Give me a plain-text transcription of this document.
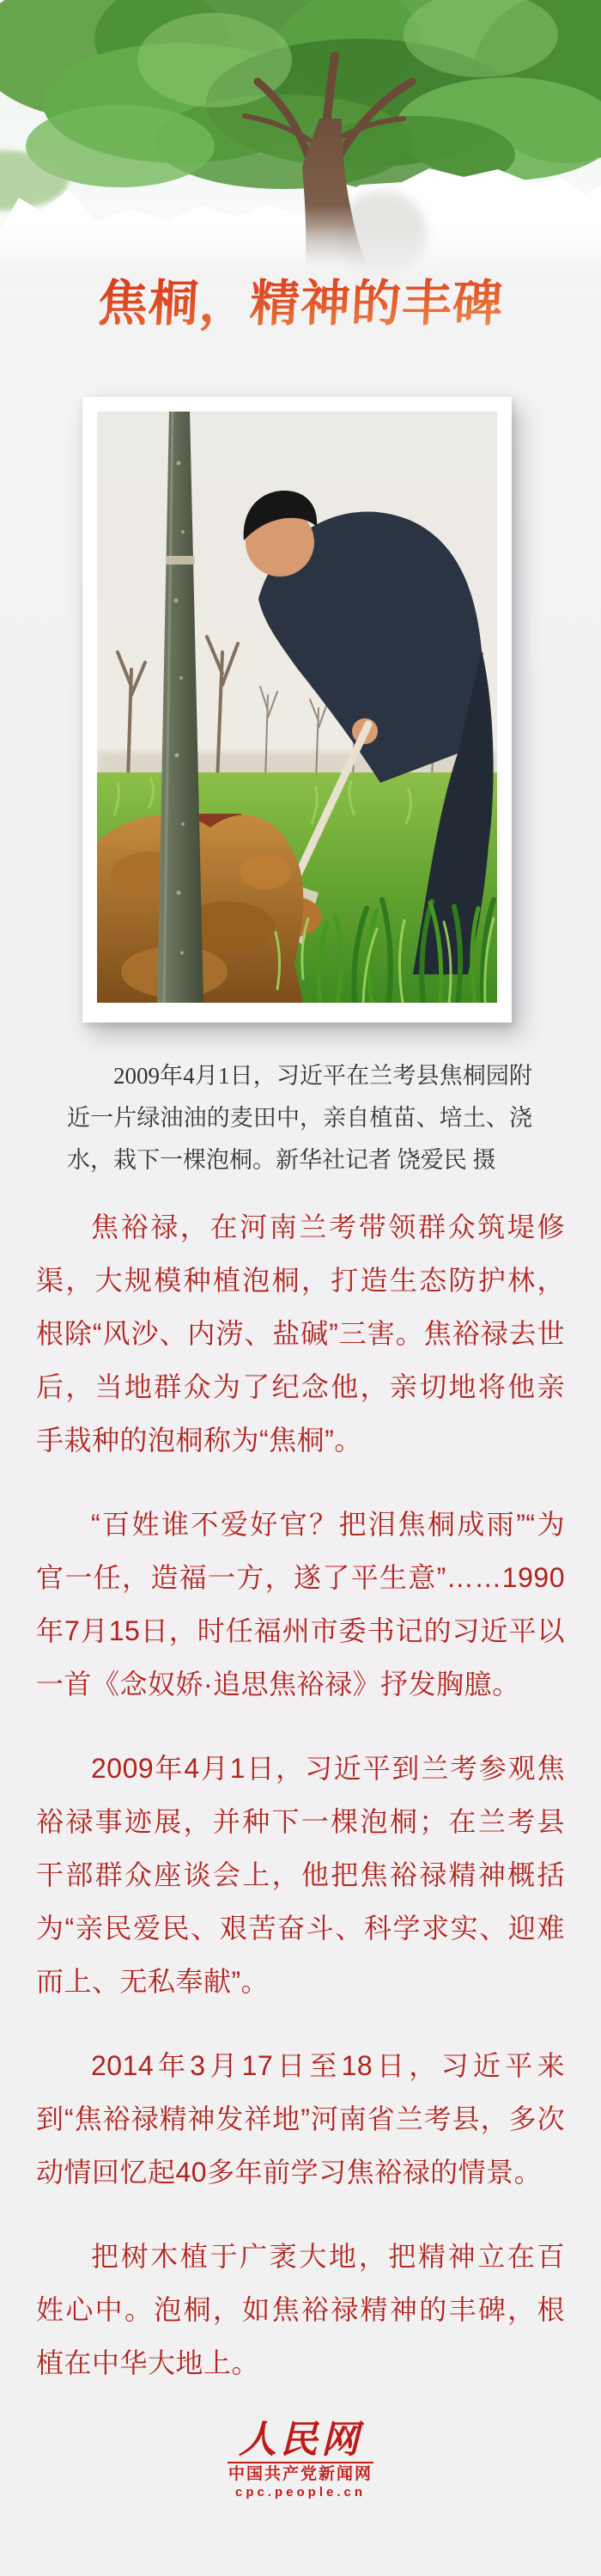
焦桐，精神的丰碑

2009年4月1日，习近平在兰考县焦桐园附近一片绿油油的麦田中，亲自植苗、培土、浇水，栽下一棵泡桐。新华社记者 饶爱民 摄

焦裕禄，在河南兰考带领群众筑堤修渠，大规模种植泡桐，打造生态防护林，根除“风沙、内涝、盐碱”三害。焦裕禄去世后，当地群众为了纪念他，亲切地将他亲手栽种的泡桐称为“焦桐”。

“百姓谁不爱好官？把泪焦桐成雨”“为官一任，造福一方，遂了平生意”……1990年7月15日，时任福州市委书记的习近平以一首《念奴娇·追思焦裕禄》抒发胸臆。

2009年4月1日，习近平到兰考参观焦裕禄事迹展，并种下一棵泡桐；在兰考县干部群众座谈会上，他把焦裕禄精神概括为“亲民爱民、艰苦奋斗、科学求实、迎难而上、无私奉献”。

2014年3月17日至18日，习近平来到“焦裕禄精神发祥地”河南省兰考县，多次动情回忆起40多年前学习焦裕禄的情景。

把树木植于广袤大地，把精神立在百姓心中。泡桐，如焦裕禄精神的丰碑，根植在中华大地上。

人民网
中国共产党新闻网
cpc.people.cn
